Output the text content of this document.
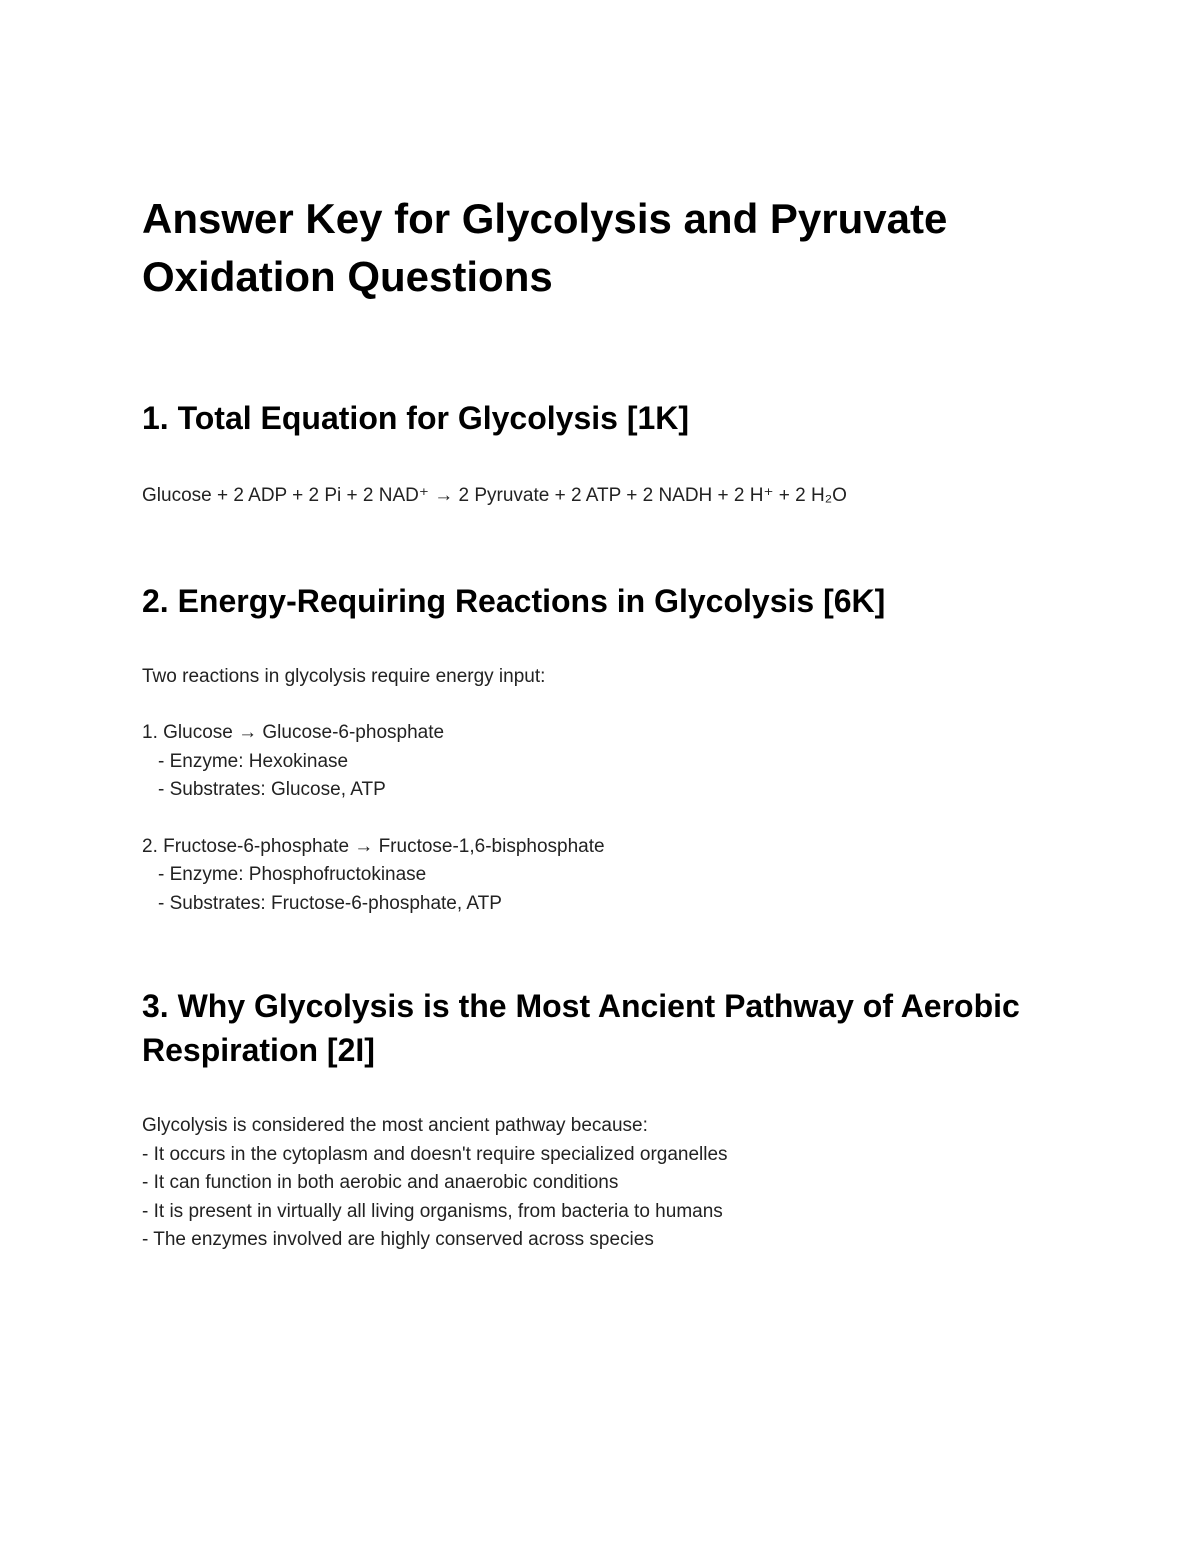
Answer Key for Glycolysis and Pyruvate Oxidation Questions
1. Total Equation for Glycolysis [1K]

Glucose + 2 ADP + 2 Pi + 2 NAD⁺ → 2 Pyruvate + 2 ATP + 2 NADH + 2 H⁺ + 2 H₂O

2. Energy-Requiring Reactions in Glycolysis [6K]

Two reactions in glycolysis require energy input:

1. Glucose → Glucose-6-phosphate

- Enzyme: Hexokinase

- Substrates: Glucose, ATP

2. Fructose-6-phosphate → Fructose-1,6-bisphosphate

- Enzyme: Phosphofructokinase

- Substrates: Fructose-6-phosphate, ATP

3. Why Glycolysis is the Most Ancient Pathway of Aerobic Respiration [2I]

Glycolysis is considered the most ancient pathway because:

- It occurs in the cytoplasm and doesn't require specialized organelles

- It can function in both aerobic and anaerobic conditions

- It is present in virtually all living organisms, from bacteria to humans

- The enzymes involved are highly conserved across species
